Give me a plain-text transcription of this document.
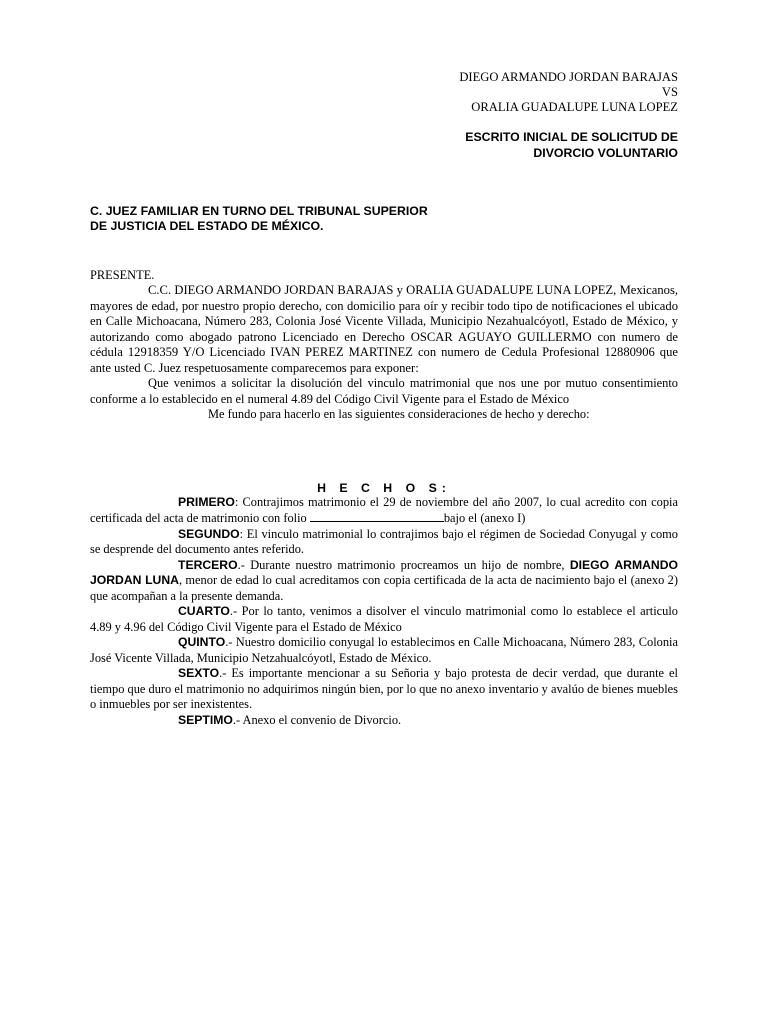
DIEGO ARMANDO JORDAN BARAJAS
VS
ORALIA GUADALUPE LUNA LOPEZ
ESCRITO INICIAL DE SOLICITUD DE
DIVORCIO VOLUNTARIO
C. JUEZ FAMILIAR EN TURNO DEL TRIBUNAL SUPERIOR
DE JUSTICIA DEL ESTADO DE MÉXICO.
PRESENTE.

C.C. DIEGO ARMANDO JORDAN BARAJAS y ORALIA GUADALUPE LUNA LOPEZ, Mexicanos, mayores de edad, por nuestro propio derecho, con domicilio para oír y recibir todo tipo de notificaciones el ubicado en Calle Michoacana, Número 283, Colonia José Vicente Villada, Municipio Nezahualcóyotl, Estado de México, y autorizando como abogado patrono Licenciado en Derecho OSCAR AGUAYO GUILLERMO con numero de cédula 12918359 Y/O Licenciado IVAN PEREZ MARTINEZ con numero de Cedula Profesional 12880906 que ante usted C. Juez respetuosamente comparecemos para exponer:

Que venimos a solicitar la disolución del vinculo matrimonial que nos une por mutuo consentimiento conforme a lo establecido en el numeral 4.89 del Código Civil Vigente para el Estado de México

Me fundo para hacerlo en las siguientes consideraciones de hecho y derecho:

H E C H O S:

PRIMERO: Contrajimos matrimonio el 29 de noviembre del año 2007, lo cual acredito con copia certificada del acta de matrimonio con folio	bajo el (anexo I)

SEGUNDO: El vinculo matrimonial lo contrajimos bajo el régimen de Sociedad Conyugal y como se desprende del documento antes referido.

TERCERO.- Durante nuestro matrimonio procreamos un hijo de nombre, DIEGO ARMANDO JORDAN LUNA, menor de edad lo cual acreditamos con copia certificada de la acta de nacimiento bajo el (anexo 2) que acompañan a la presente demanda.

CUARTO.- Por lo tanto, venimos a disolver el vinculo matrimonial como lo establece el articulo 4.89 y 4.96 del Código Civil Vigente para el Estado de México

QUINTO.- Nuestro domicilio conyugal lo establecimos en Calle Michoacana, Número 283, Colonia José Vicente Villada, Municipio Netzahualcóyotl, Estado de México.

SEXTO.- Es importante mencionar a su Señoria y bajo protesta de decir verdad, que durante el tiempo que duro el matrimonio no adquirimos ningún bien, por lo que no anexo inventario y avalúo de bienes muebles o inmuebles por ser inexistentes.

SEPTIMO.- Anexo el convenio de Divorcio.
